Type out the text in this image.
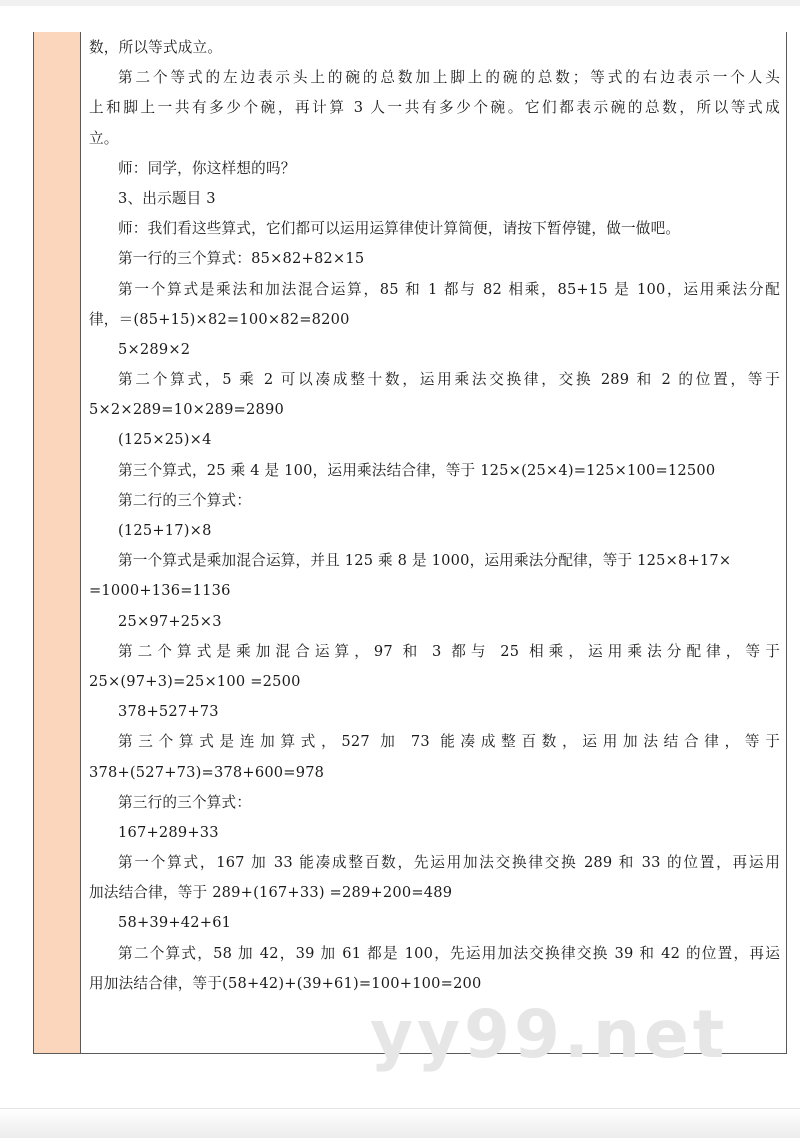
数，所以等式成立。
第二个等式的左边表示头上的碗的总数加上脚上的碗的总数；等式的右边表示一个人头
上和脚上一共有多少个碗，再计算 3 人一共有多少个碗。它们都表示碗的总数，所以等式成
立。
师：同学，你这样想的吗？
3、出示题目 3
师：我们看这些算式，它们都可以运用运算律使计算简便，请按下暂停键，做一做吧。
第一行的三个算式：85×82+82×15
第一个算式是乘法和加法混合运算，85 和 1 都与 82 相乘，85+15 是 100，运用乘法分配
律，＝(85+15)×82=100×82=8200
5×289×2
第二个算式，5 乘 2 可以凑成整十数，运用乘法交换律，交换 289 和 2 的位置，等于
5×2×289=10×289=2890
(125×25)×4
第三个算式，25 乘 4 是 100，运用乘法结合律，等于 125×(25×4)=125×100=12500
第二行的三个算式：
(125+17)×8
第一个算式是乘加混合运算，并且 125 乘 8 是 1000，运用乘法分配律，等于 125×8+17×
=1000+136=1136
25×97+25×3
第二个算式是乘加混合运算，97 和 3 都与 25 相乘，运用乘法分配律，等于
25×(97+3)=25×100 =2500
378+527+73
第三个算式是连加算式，527 加 73 能凑成整百数，运用加法结合律，等于
378+(527+73)=378+600=978
第三行的三个算式：
167+289+33
第一个算式，167 加 33 能凑成整百数，先运用加法交换律交换 289 和 33 的位置，再运用
加法结合律，等于 289+(167+33) =289+200=489
58+39+42+61
第二个算式，58 加 42，39 加 61 都是 100，先运用加法交换律交换 39 和 42 的位置，再运
用加法结合律，等于(58+42)+(39+61)=100+100=200
yy99.net
